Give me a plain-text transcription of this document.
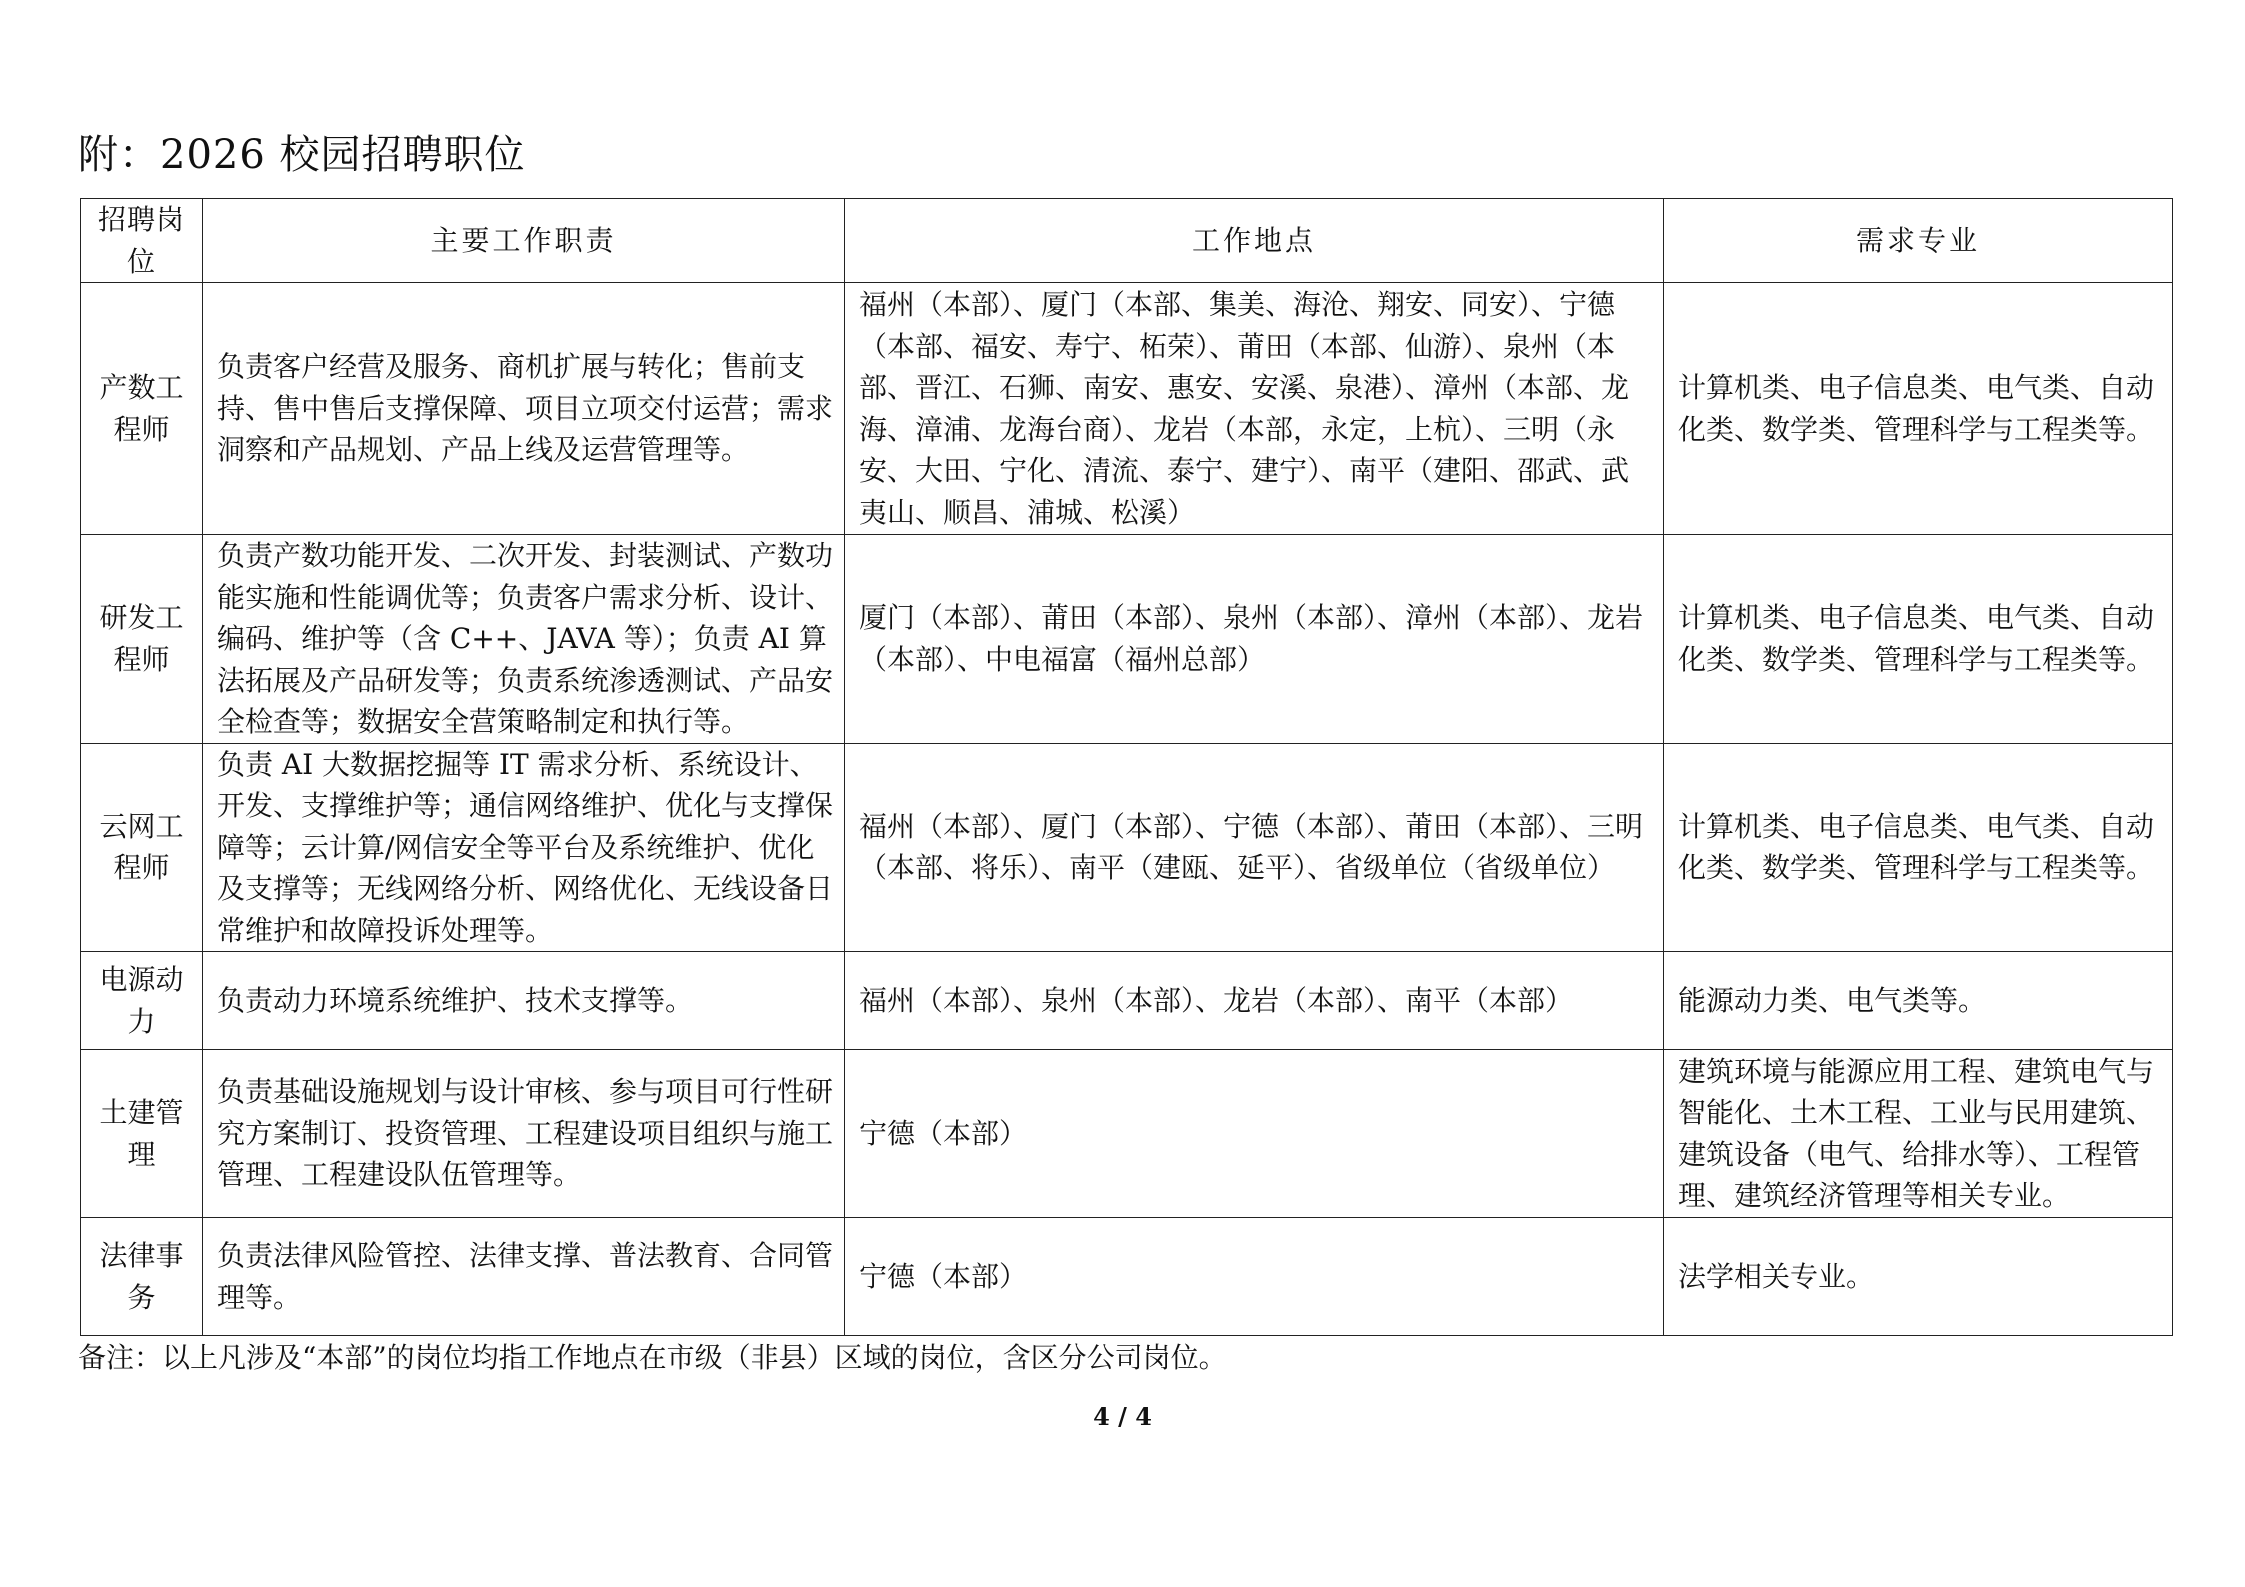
附：2026 校园招聘职位
招聘岗位	主要工作职责	工作地点	需求专业
产数工程师	负责客户经营及服务、商机扩展与转化；售前支持、售中售后支撑保障、项目立项交付运营；需求洞察和产品规划、产品上线及运营管理等。	福州（本部）、厦门（本部、集美、海沧、翔安、同安）、宁德（本部、福安、寿宁、柘荣）、莆田（本部、仙游）、泉州（本部、晋江、石狮、南安、惠安、安溪、泉港）、漳州（本部、龙海、漳浦、龙海台商）、龙岩（本部，永定，上杭）、三明（永安、大田、宁化、清流、泰宁、建宁）、南平（建阳、邵武、武夷山、顺昌、浦城、松溪）	计算机类、电子信息类、电气类、自动化类、数学类、管理科学与工程类等。
研发工程师	负责产数功能开发、二次开发、封装测试、产数功能实施和性能调优等；负责客户需求分析、设计、编码、维护等（含 C++、JAVA 等）；负责 AI 算法拓展及产品研发等；负责系统渗透测试、产品安全检查等；数据安全营策略制定和执行等。	厦门（本部）、莆田（本部）、泉州（本部）、漳州（本部）、龙岩（本部）、中电福富（福州总部）	计算机类、电子信息类、电气类、自动化类、数学类、管理科学与工程类等。
云网工程师	负责 AI 大数据挖掘等 IT 需求分析、系统设计、开发、支撑维护等；通信网络维护、优化与支撑保障等；云计算/网信安全等平台及系统维护、优化及支撑等；无线网络分析、网络优化、无线设备日常维护和故障投诉处理等。	福州（本部）、厦门（本部）、宁德（本部）、莆田（本部）、三明（本部、将乐）、南平（建瓯、延平）、省级单位（省级单位）	计算机类、电子信息类、电气类、自动化类、数学类、管理科学与工程类等。
电源动力	负责动力环境系统维护、技术支撑等。	福州（本部）、泉州（本部）、龙岩（本部）、南平（本部）	能源动力类、电气类等。
土建管理	负责基础设施规划与设计审核、参与项目可行性研究方案制订、投资管理、工程建设项目组织与施工管理、工程建设队伍管理等。	宁德（本部）	建筑环境与能源应用工程、建筑电气与智能化、土木工程、工业与民用建筑、建筑设备（电气、给排水等）、工程管理、建筑经济管理等相关专业。
法律事务	负责法律风险管控、法律支撑、普法教育、合同管理等。	宁德（本部）	法学相关专业。
备注：以上凡涉及“本部”的岗位均指工作地点在市级（非县）区域的岗位，含区分公司岗位。
4 / 4
